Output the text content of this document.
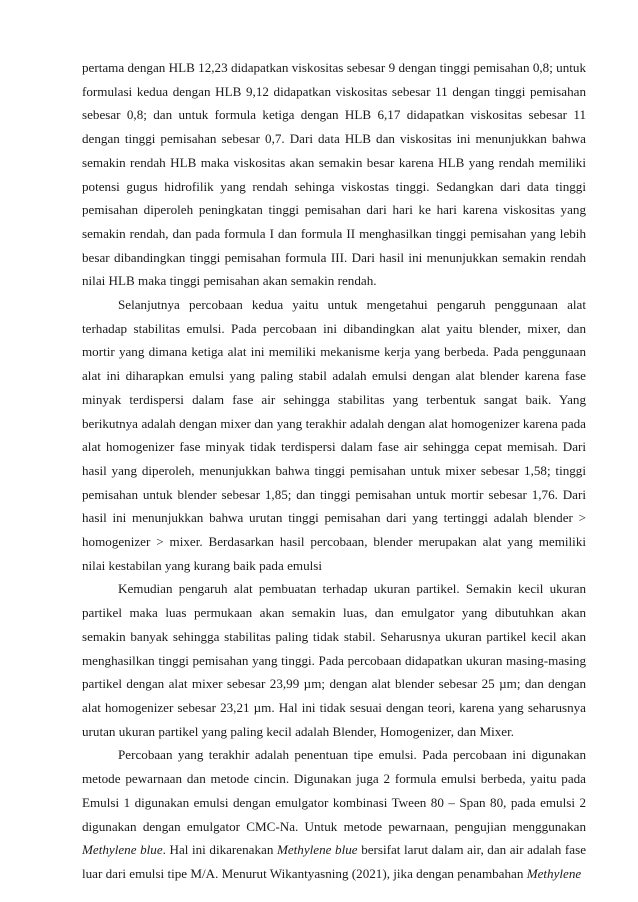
pertama dengan HLB 12,23 didapatkan viskositas sebesar 9 dengan tinggi pemisahan 0,8; untuk formulasi kedua dengan HLB 9,12 didapatkan viskositas sebesar 11 dengan tinggi pemisahan sebesar 0,8; dan untuk formula ketiga dengan HLB 6,17 didapatkan viskositas sebesar 11 dengan tinggi pemisahan sebesar 0,7. Dari data HLB dan viskositas ini menunjukkan bahwa semakin rendah HLB maka viskositas akan semakin besar karena HLB yang rendah memiliki potensi gugus hidrofilik yang rendah sehinga viskostas tinggi. Sedangkan dari data tinggi pemisahan diperoleh peningkatan tinggi pemisahan dari hari ke hari karena viskositas yang semakin rendah, dan pada formula I dan formula II menghasilkan tinggi pemisahan yang lebih besar dibandingkan tinggi pemisahan formula III. Dari hasil ini menunjukkan semakin rendah nilai HLB maka tinggi pemisahan akan semakin rendah.

Selanjutnya percobaan kedua yaitu untuk mengetahui pengaruh penggunaan alat terhadap stabilitas emulsi. Pada percobaan ini dibandingkan alat yaitu blender, mixer, dan mortir yang dimana ketiga alat ini memiliki mekanisme kerja yang berbeda. Pada penggunaan alat ini diharapkan emulsi yang paling stabil adalah emulsi dengan alat blender karena fase minyak terdispersi dalam fase air sehingga stabilitas yang terbentuk sangat baik. Yang berikutnya adalah dengan mixer dan yang terakhir adalah dengan alat homogenizer karena pada alat homogenizer fase minyak tidak terdispersi dalam fase air sehingga cepat memisah. Dari hasil yang diperoleh, menunjukkan bahwa tinggi pemisahan untuk mixer sebesar 1,58; tinggi pemisahan untuk blender sebesar 1,85; dan tinggi pemisahan untuk mortir sebesar 1,76. Dari hasil ini menunjukkan bahwa urutan tinggi pemisahan dari yang tertinggi adalah blender > homogenizer > mixer. Berdasarkan hasil percobaan, blender merupakan alat yang memiliki nilai kestabilan yang kurang baik pada emulsi

Kemudian pengaruh alat pembuatan terhadap ukuran partikel. Semakin kecil ukuran partikel maka luas permukaan akan semakin luas, dan emulgator yang dibutuhkan akan semakin banyak sehingga stabilitas paling tidak stabil. Seharusnya ukuran partikel kecil akan menghasilkan tinggi pemisahan yang tinggi. Pada percobaan didapatkan ukuran masing-masing partikel dengan alat mixer sebesar 23,99 µm; dengan alat blender sebesar 25 µm; dan dengan alat homogenizer sebesar 23,21 µm. Hal ini tidak sesuai dengan teori, karena yang seharusnya urutan ukuran partikel yang paling kecil adalah Blender, Homogenizer, dan Mixer.

Percobaan yang terakhir adalah penentuan tipe emulsi. Pada percobaan ini digunakan metode pewarnaan dan metode cincin. Digunakan juga 2 formula emulsi berbeda, yaitu pada Emulsi 1 digunakan emulsi dengan emulgator kombinasi Tween 80 – Span 80, pada emulsi 2 digunakan dengan emulgator CMC-Na. Untuk metode pewarnaan, pengujian menggunakan Methylene blue. Hal ini dikarenakan Methylene blue bersifat larut dalam air, dan air adalah fase luar dari emulsi tipe M/A. Menurut Wikantyasning (2021), jika dengan penambahan Methylene
